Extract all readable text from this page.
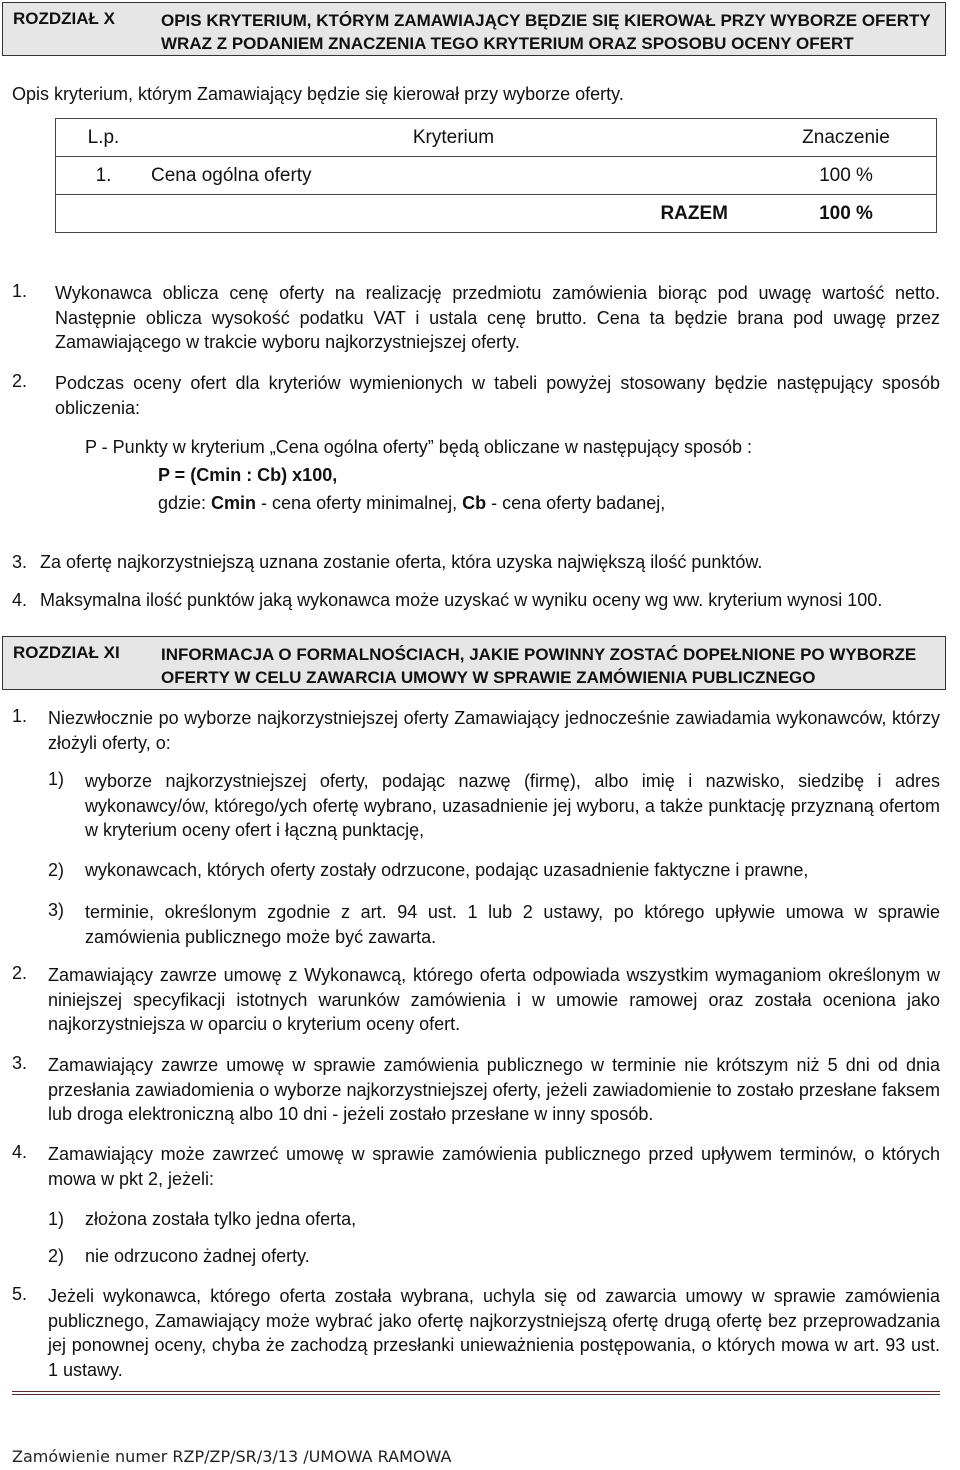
ROZDZIAŁ X	OPIS KRYTERIUM, KTÓRYM ZAMAWIAJĄCY BĘDZIE SIĘ KIEROWAŁ PRZY WYBORZE OFERTY
WRAZ Z PODANIEM ZNACZENIA TEGO KRYTERIUM ORAZ SPOSOBU OCENY OFERT
Opis kryterium, którym Zamawiający będzie się kierował przy wyborze oferty.
L.p.	Kryterium	Znaczenie
1.	Cena ogólna oferty	100 %
RAZEM		100 %
1. Wykonawca oblicza cenę oferty na realizację przedmiotu zamówienia biorąc pod uwagę wartość netto. Następnie oblicza wysokość podatku VAT i ustala cenę brutto. Cena ta będzie brana pod uwagę przez Zamawiającego w trakcie wyboru najkorzystniejszej oferty.
2. Podczas oceny ofert dla kryteriów wymienionych w tabeli powyżej stosowany będzie następujący sposób obliczenia:
P - Punkty w kryterium „Cena ogólna oferty” będą obliczane w następujący sposób :
P = (Cmin : Cb) x100,
gdzie: Cmin - cena oferty minimalnej, Cb - cena oferty badanej,
3. Za ofertę najkorzystniejszą uznana zostanie oferta, która uzyska największą ilość punktów.
4. Maksymalna ilość punktów jaką wykonawca może uzyskać w wyniku oceny wg ww. kryterium wynosi 100.
ROZDZIAŁ XI INFORMACJA O FORMALNOŚCIACH, JAKIE POWINNY ZOSTAĆ DOPEŁNIONE PO WYBORZE
OFERTY W CELU ZAWARCIA UMOWY W SPRAWIE ZAMÓWIENIA PUBLICZNEGO
1. Niezwłocznie po wyborze najkorzystniejszej oferty Zamawiający jednocześnie zawiadamia wykonawców, którzy złożyli oferty, o:
1) wyborze najkorzystniejszej oferty, podając nazwę (firmę), albo imię i nazwisko, siedzibę i adres wykonawcy/ów, którego/ych ofertę wybrano, uzasadnienie jej wyboru, a także punktację przyznaną ofertom w kryterium oceny ofert i łączną punktację,
2) wykonawcach, których oferty zostały odrzucone, podając uzasadnienie faktyczne i prawne,
3) terminie, określonym zgodnie z art. 94 ust. 1 lub 2 ustawy, po którego upływie umowa w sprawie zamówienia publicznego może być zawarta.
2. Zamawiający zawrze umowę z Wykonawcą, którego oferta odpowiada wszystkim wymaganiom określonym w niniejszej specyfikacji istotnych warunków zamówienia i w umowie ramowej oraz została oceniona jako najkorzystniejsza w oparciu o kryterium oceny ofert.
3. Zamawiający zawrze umowę w sprawie zamówienia publicznego w terminie nie krótszym niż 5 dni od dnia przesłania zawiadomienia o wyborze najkorzystniejszej oferty, jeżeli zawiadomienie to zostało przesłane faksem lub droga elektroniczną albo 10 dni - jeżeli zostało przesłane w inny sposób.
4. Zamawiający może zawrzeć umowę w sprawie zamówienia publicznego przed upływem terminów, o których mowa w pkt 2, jeżeli:
1) złożona została tylko jedna oferta,
2) nie odrzucono żadnej oferty.
5. Jeżeli wykonawca, którego oferta została wybrana, uchyla się od zawarcia umowy w sprawie zamówienia publicznego, Zamawiający może wybrać jako ofertę najkorzystniejszą ofertę drugą ofertę bez przeprowadzania jej ponownej oceny, chyba że zachodzą przesłanki unieważnienia postępowania, o których mowa w art. 93 ust. 1 ustawy.
Zamówienie numer RZP/ZP/SR/3/13 /UMOWA RAMOWA
